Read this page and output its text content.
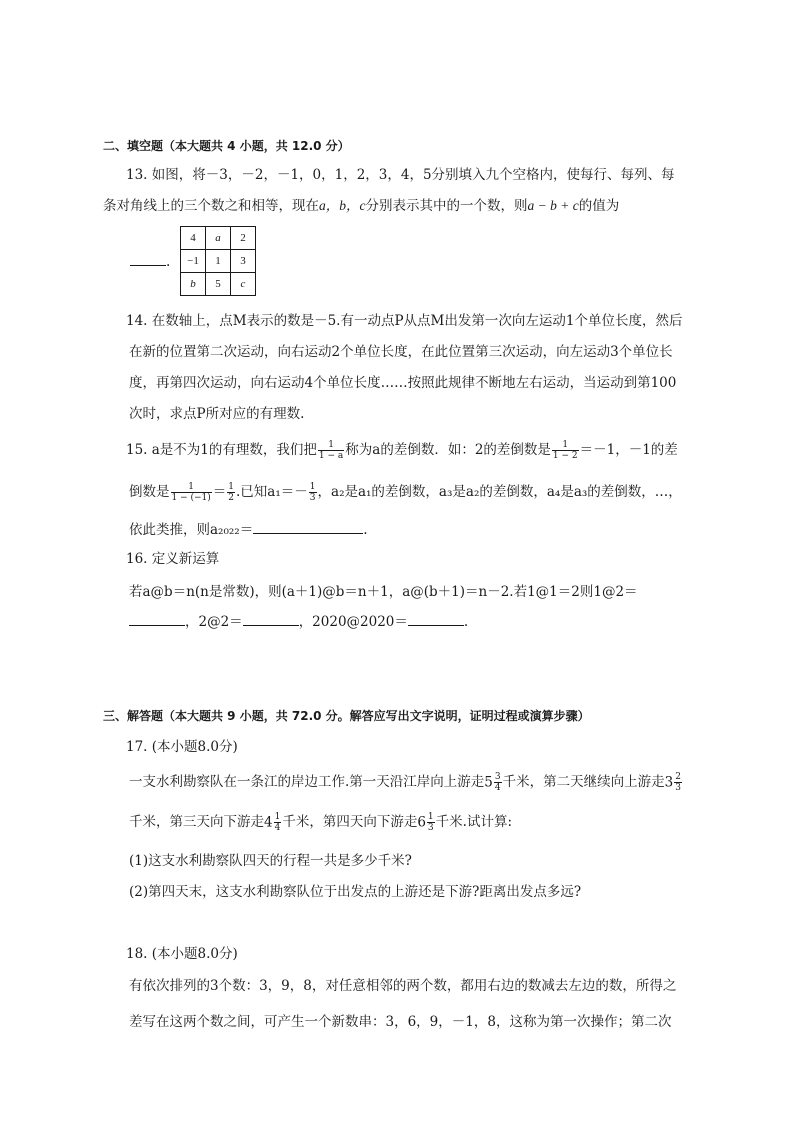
二、填空题（本大题共 4 小题，共 12.0 分）
13. 如图，将－3，－2，－1，0，1，2，3，4，5分别填入九个空格内，使每行、每列、每
条对角线上的三个数之和相等，现在a，b，c分别表示其中的一个数，则a − b + c的值为
.
4	a	2
−1	1	3
b	5	c
14. 在数轴上，点M表示的数是－5.有一动点P从点M出发第一次向左运动1个单位长度，然后
在新的位置第二次运动，向右运动2个单位长度，在此位置第三次运动，向左运动3个单位长
度，再第四次运动，向右运动4个单位长度……按照此规律不断地左右运动，当运动到第100
次时，求点P所对应的有理数.
15. a是不为1的有理数，我们把 $\frac{1}{1 - a}$ 称为a的差倒数．如：2的差倒数是 $\frac{1}{1 - 2} =-1$，－1的差
倒数是 $\frac{1}{1 - (-1)} = \frac{1}{2}$ .已知$a_1=- \frac{1}{3}$ ，a₂是a₁的差倒数，a₃是a₂的差倒数，a₄是a₃的差倒数，…，
依此类推，则a₂₀₂₂＝	.
16. 定义新运算
若a@b＝n(n是常数)，则(a＋1)@b＝n＋1，a@(b＋1)＝n－2.若1@1＝2则1@2＝
，2@2＝	，2020@2020＝	.
三、解答题（本大题共 9 小题，共 72.0 分。解答应写出文字说明，证明过程或演算步骤）
17. (本小题8.0分)
一支水利勘察队在一条江的岸边工作.第一天沿江岸向上游走$5 \frac{3}{4}$ 千米，第二天继续向上游走$3 \frac{2}{3}$
千米，第三天向下游走$4 \frac{1}{4}$ 千米，第四天向下游走$6 \frac{1}{3}$ 千米.试计算:
(1)这支水利勘察队四天的行程一共是多少千米?
(2)第四天末，这支水利勘察队位于出发点的上游还是下游?距离出发点多远?
18. (本小题8.0分)
有依次排列的3个数：3，9，8，对任意相邻的两个数，都用右边的数减去左边的数，所得之
差写在这两个数之间，可产生一个新数串：3，6，9，－1，8，这称为第一次操作；第二次
